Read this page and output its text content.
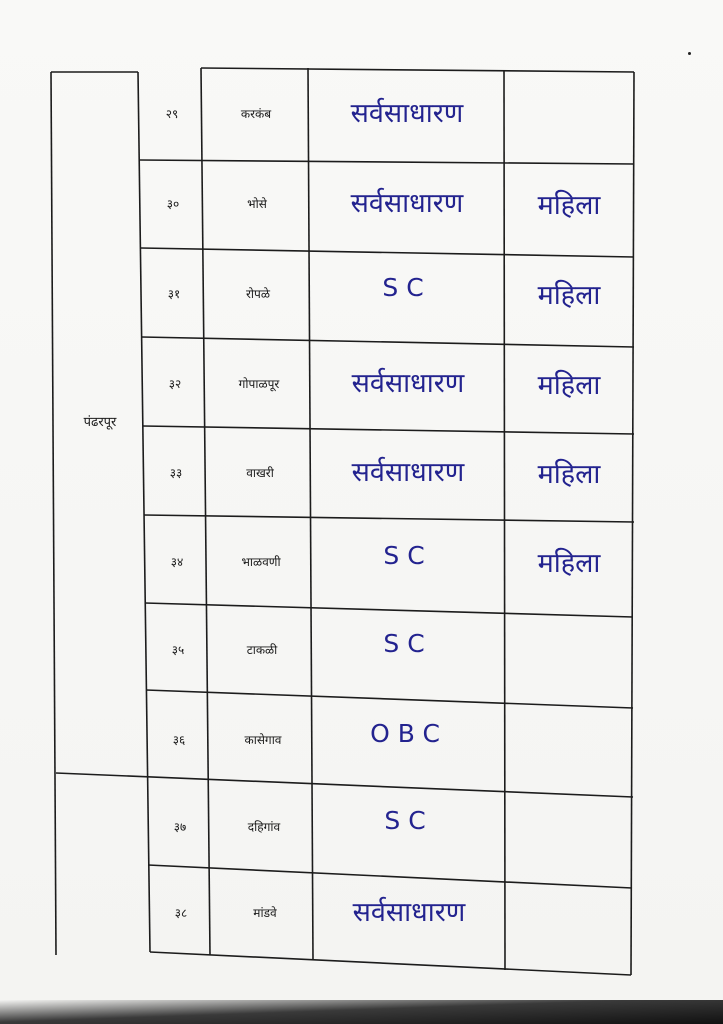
पंढरपूर
२९	करकंब	सर्वसाधारण
३०	भोसे	सर्वसाधारण	महिला
३१	रोपळे	SC	महिला
३२	गोपाळपूर	सर्वसाधारण	महिला
३३	वाखरी	सर्वसाधारण	महिला
३४	भाळवणी	SC	महिला
३५	टाकळी	SC
३६	कासेगाव	OBC
३७	दहिगांव	SC
३८	मांडवे	सर्वसाधारण
